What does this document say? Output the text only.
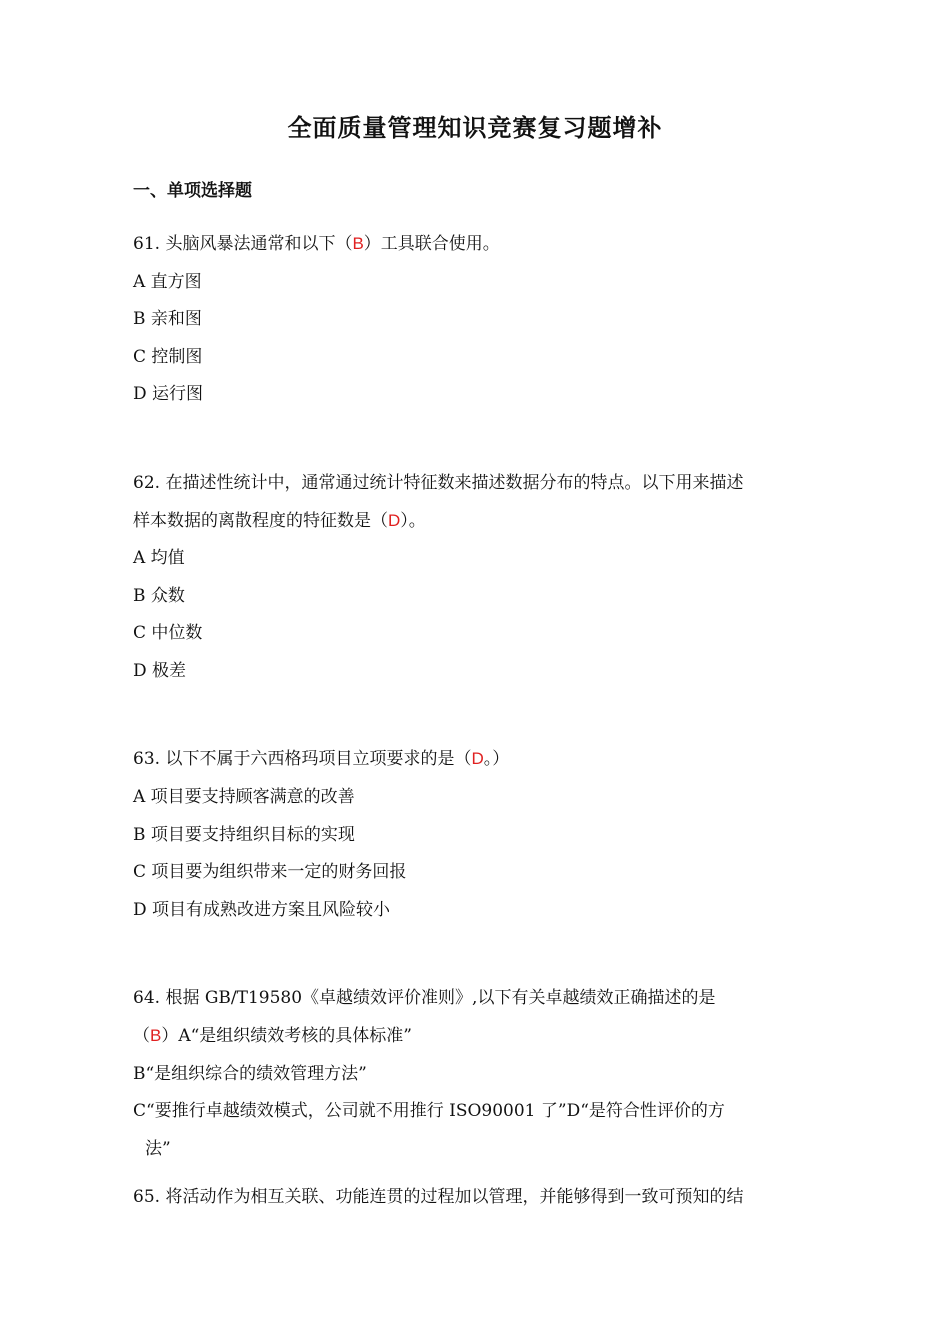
全面质量管理知识竞赛复习题增补
一、单项选择题
61. 头脑风暴法通常和以下（B）工具联合使用。
A 直方图
B 亲和图
C 控制图
D 运行图
62. 在描述性统计中，通常通过统计特征数来描述数据分布的特点。以下用来描述
样本数据的离散程度的特征数是（D）。
A 均值
B 众数
C 中位数
D 极差
63. 以下不属于六西格玛项目立项要求的是（D。）
A 项目要支持顾客满意的改善
B 项目要支持组织目标的实现
C 项目要为组织带来一定的财务回报
D 项目有成熟改进方案且风险较小
64. 根据 GB/T19580《卓越绩效评价准则》,以下有关卓越绩效正确描述的是
（B）A“是组织绩效考核的具体标准”
B“是组织综合的绩效管理方法”
C“要推行卓越绩效模式，公司就不用推行 ISO90001 了”D“是符合性评价的方
法”
65. 将活动作为相互关联、功能连贯的过程加以管理，并能够得到一致可预知的结
